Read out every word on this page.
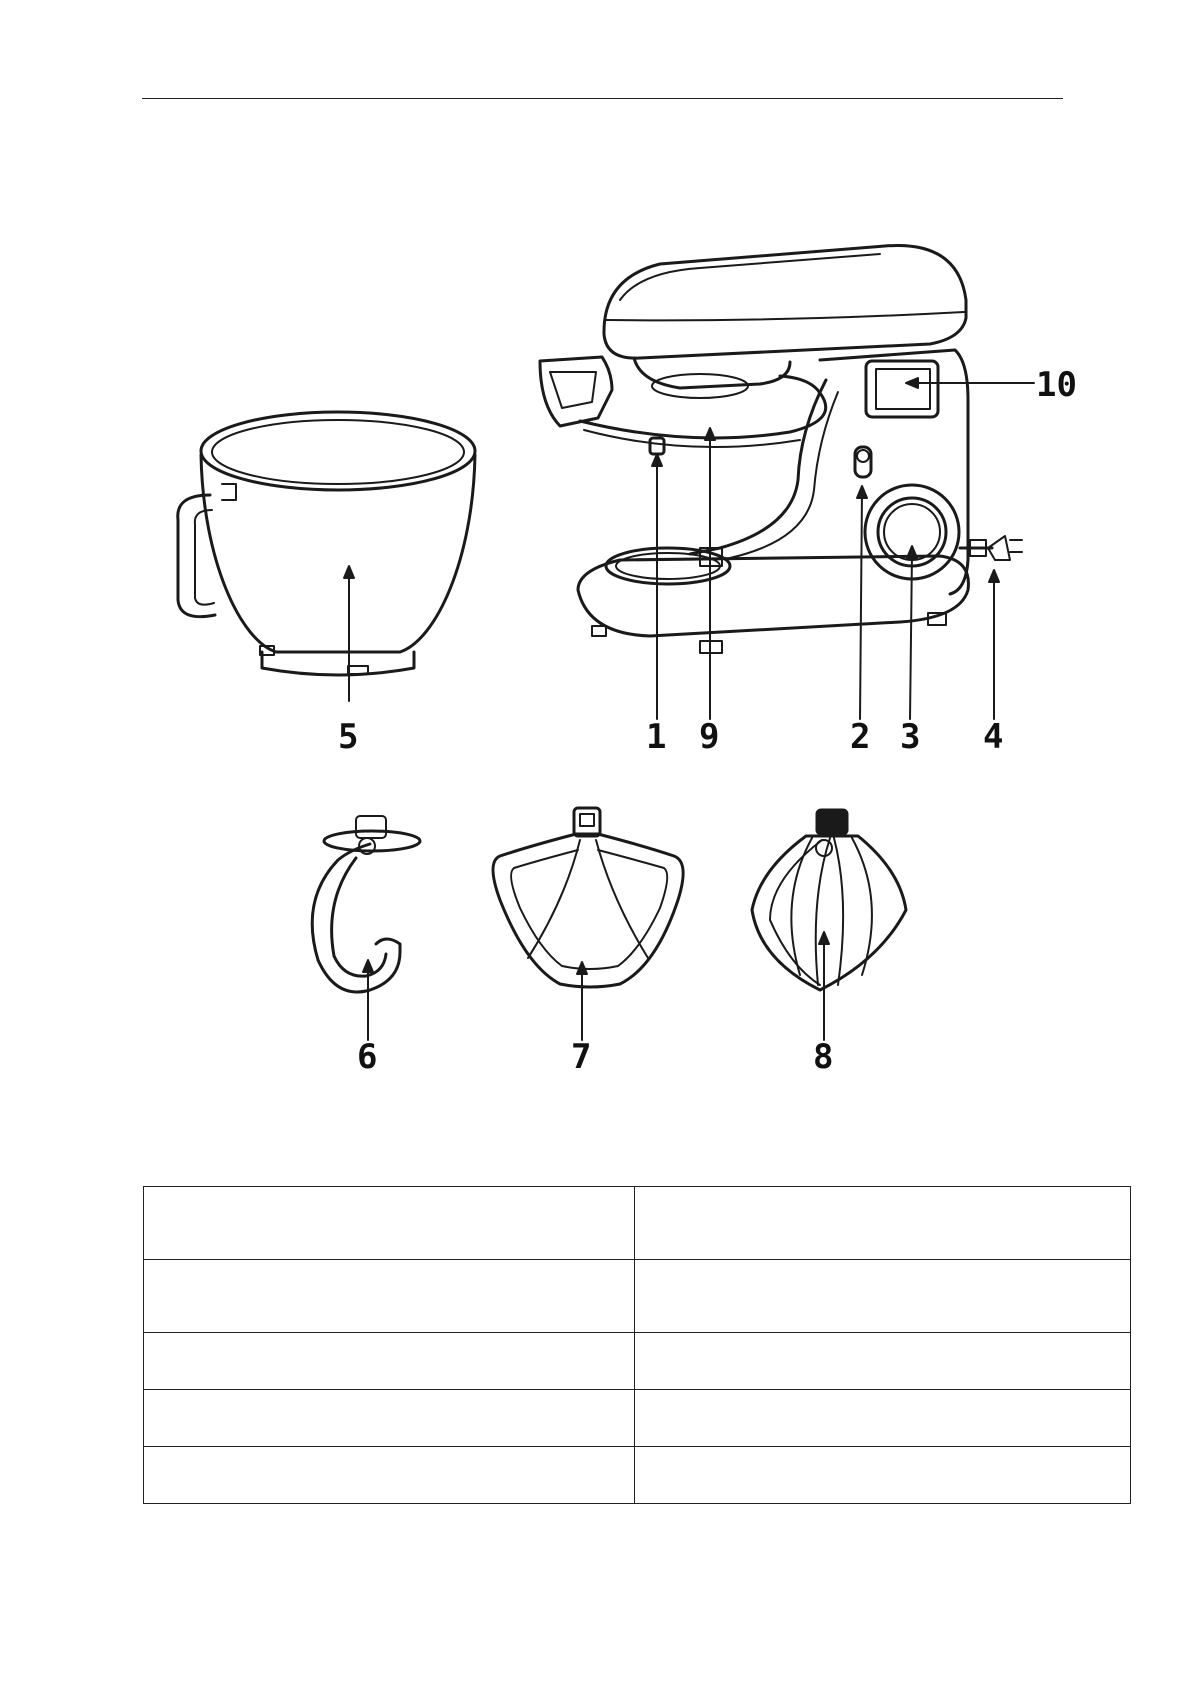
5	1 9	2 3 4
10
6	7	8
